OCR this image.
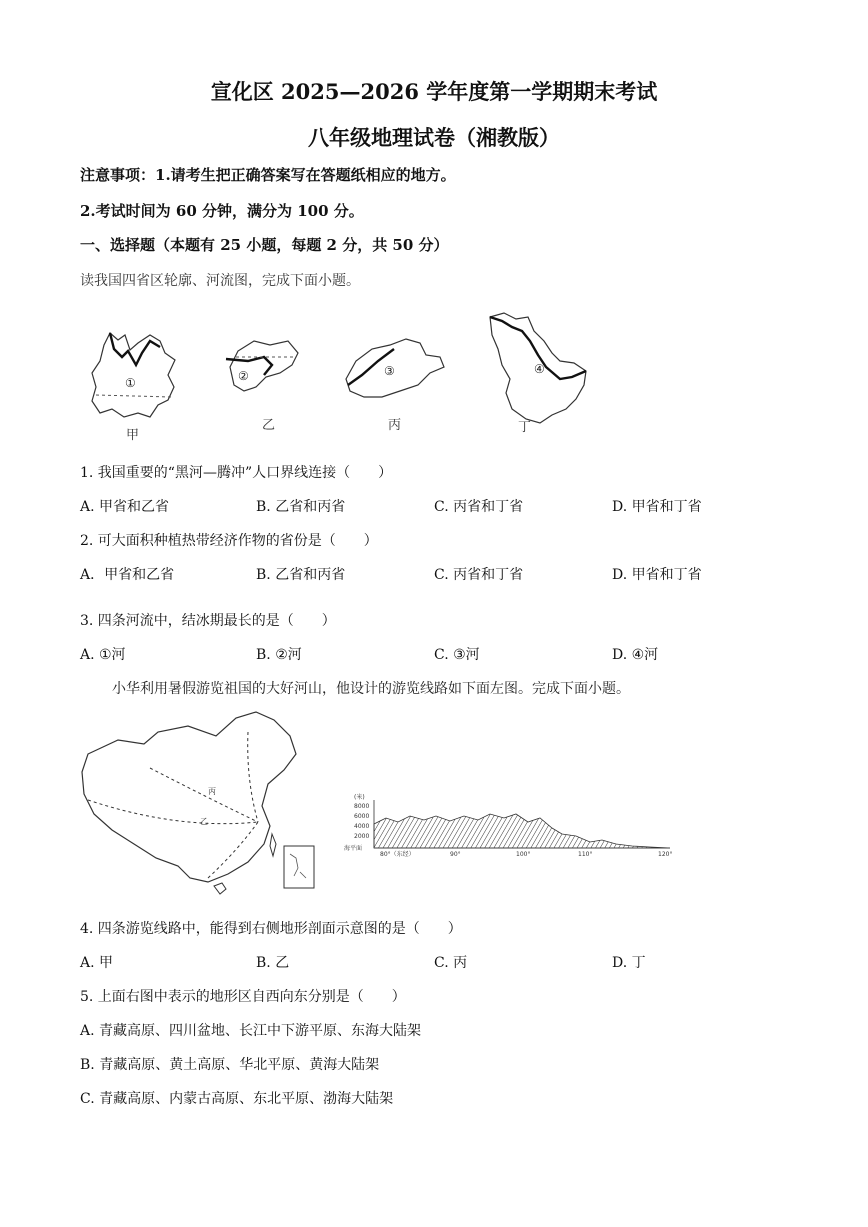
宣化区 2025—2026 学年度第一学期期末考试
八年级地理试卷（湘教版）
注意事项：1.请考生把正确答案写在答题纸相应的地方。
2.考试时间为 60 分钟，满分为 100 分。
一、选择题（本题有 25 小题，每题 2 分，共 50 分）
读我国四省区轮廓、河流图，完成下面小题。
①
甲
②
乙
③
丙
④
丁
1. 我国重要的“黑河—腾冲”人口界线连接（　　）
A. 甲省和乙省	B. 乙省和丙省	C. 丙省和丁省	D. 甲省和丁省
2. 可大面积种植热带经济作物的省份是（　　）
A．甲省和乙省	B. 乙省和丙省	C. 丙省和丁省	D. 甲省和丁省
3. 四条河流中，结冰期最长的是（　　）
A. ①河	B. ②河	C. ③河	D. ④河
小华利用暑假游览祖国的大好河山，他设计的游览线路如下面左图。完成下面小题。
丙
乙
(米)
8000
6000
4000
2000
海平面
80°（东经）	90°	100°	110°	120°
4. 四条游览线路中，能得到右侧地形剖面示意图的是（　　）
A. 甲	B. 乙	C. 丙	D. 丁
5. 上面右图中表示的地形区自西向东分别是（　　）
A. 青藏高原、四川盆地、长江中下游平原、东海大陆架
B. 青藏高原、黄土高原、华北平原、黄海大陆架
C. 青藏高原、内蒙古高原、东北平原、渤海大陆架
